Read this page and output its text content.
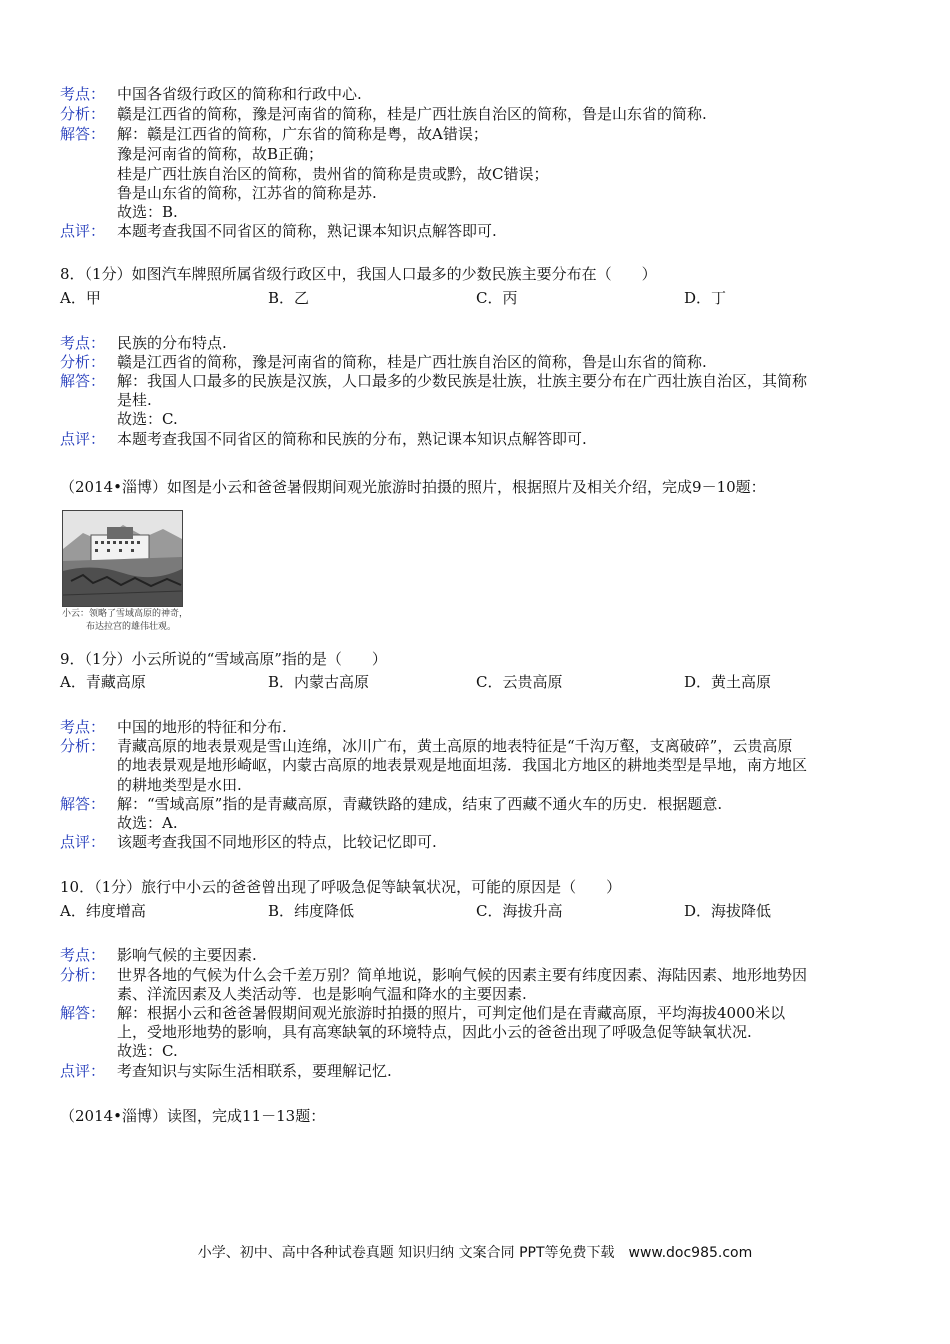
考点： 中国各省级行政区的简称和行政中心.
分析： 赣是江西省的简称，豫是河南省的简称，桂是广西壮族自治区的简称，鲁是山东省的简称.
解答： 解：赣是江西省的简称，广东省的简称是粤，故A错误；
豫是河南省的简称，故B正确；
桂是广西壮族自治区的简称，贵州省的简称是贵或黔，故C错误；
鲁是山东省的简称，江苏省的简称是苏.
故选：B.
点评： 本题考查我国不同省区的简称，熟记课本知识点解答即可.
8．（1分）如图汽车牌照所属省级行政区中，我国人口最多的少数民族主要分布在（　　）
A．甲	B．乙	C．丙	D．丁
考点： 民族的分布特点.
分析： 赣是江西省的简称，豫是河南省的简称，桂是广西壮族自治区的简称，鲁是山东省的简称.
解答： 解：我国人口最多的民族是汉族，人口最多的少数民族是壮族，壮族主要分布在广西壮族自治区，其简称
是桂.
故选：C.
点评： 本题考查我国不同省区的简称和民族的分布，熟记课本知识点解答即可.
（2014•淄博）如图是小云和爸爸暑假期间观光旅游时拍摄的照片，根据照片及相关介绍，完成9－10题：
小云：领略了雪域高原的神奇，
布达拉宫的雄伟壮观。
9．（1分）小云所说的“雪域高原”指的是（　　）
A．青藏高原	B．内蒙古高原	C．云贵高原	D．黄土高原
考点： 中国的地形的特征和分布.
分析： 青藏高原的地表景观是雪山连绵，冰川广布，黄土高原的地表特征是“千沟万壑，支离破碎”，云贵高原
的地表景观是地形崎岖，内蒙古高原的地表景观是地面坦荡．我国北方地区的耕地类型是旱地，南方地区
的耕地类型是水田.
解答： 解：“雪域高原”指的是青藏高原，青藏铁路的建成，结束了西藏不通火车的历史．根据题意.
故选：A.
点评： 该题考查我国不同地形区的特点，比较记忆即可.
10．（1分）旅行中小云的爸爸曾出现了呼吸急促等缺氧状况，可能的原因是（　　）
A．纬度增高	B．纬度降低	C．海拔升高	D．海拔降低
考点： 影响气候的主要因素.
分析： 世界各地的气候为什么会千差万别？简单地说，影响气候的因素主要有纬度因素、海陆因素、地形地势因
素、洋流因素及人类活动等．也是影响气温和降水的主要因素.
解答： 解：根据小云和爸爸暑假期间观光旅游时拍摄的照片，可判定他们是在青藏高原，平均海拔4000米以
上，受地形地势的影响，具有高寒缺氧的环境特点，因此小云的爸爸出现了呼吸急促等缺氧状况.
故选：C.
点评： 考查知识与实际生活相联系，要理解记忆.
（2014•淄博）读图，完成11－13题：
小学、初中、高中各种试卷真题 知识归纳 文案合同 PPT等免费下载　www.doc985.com
